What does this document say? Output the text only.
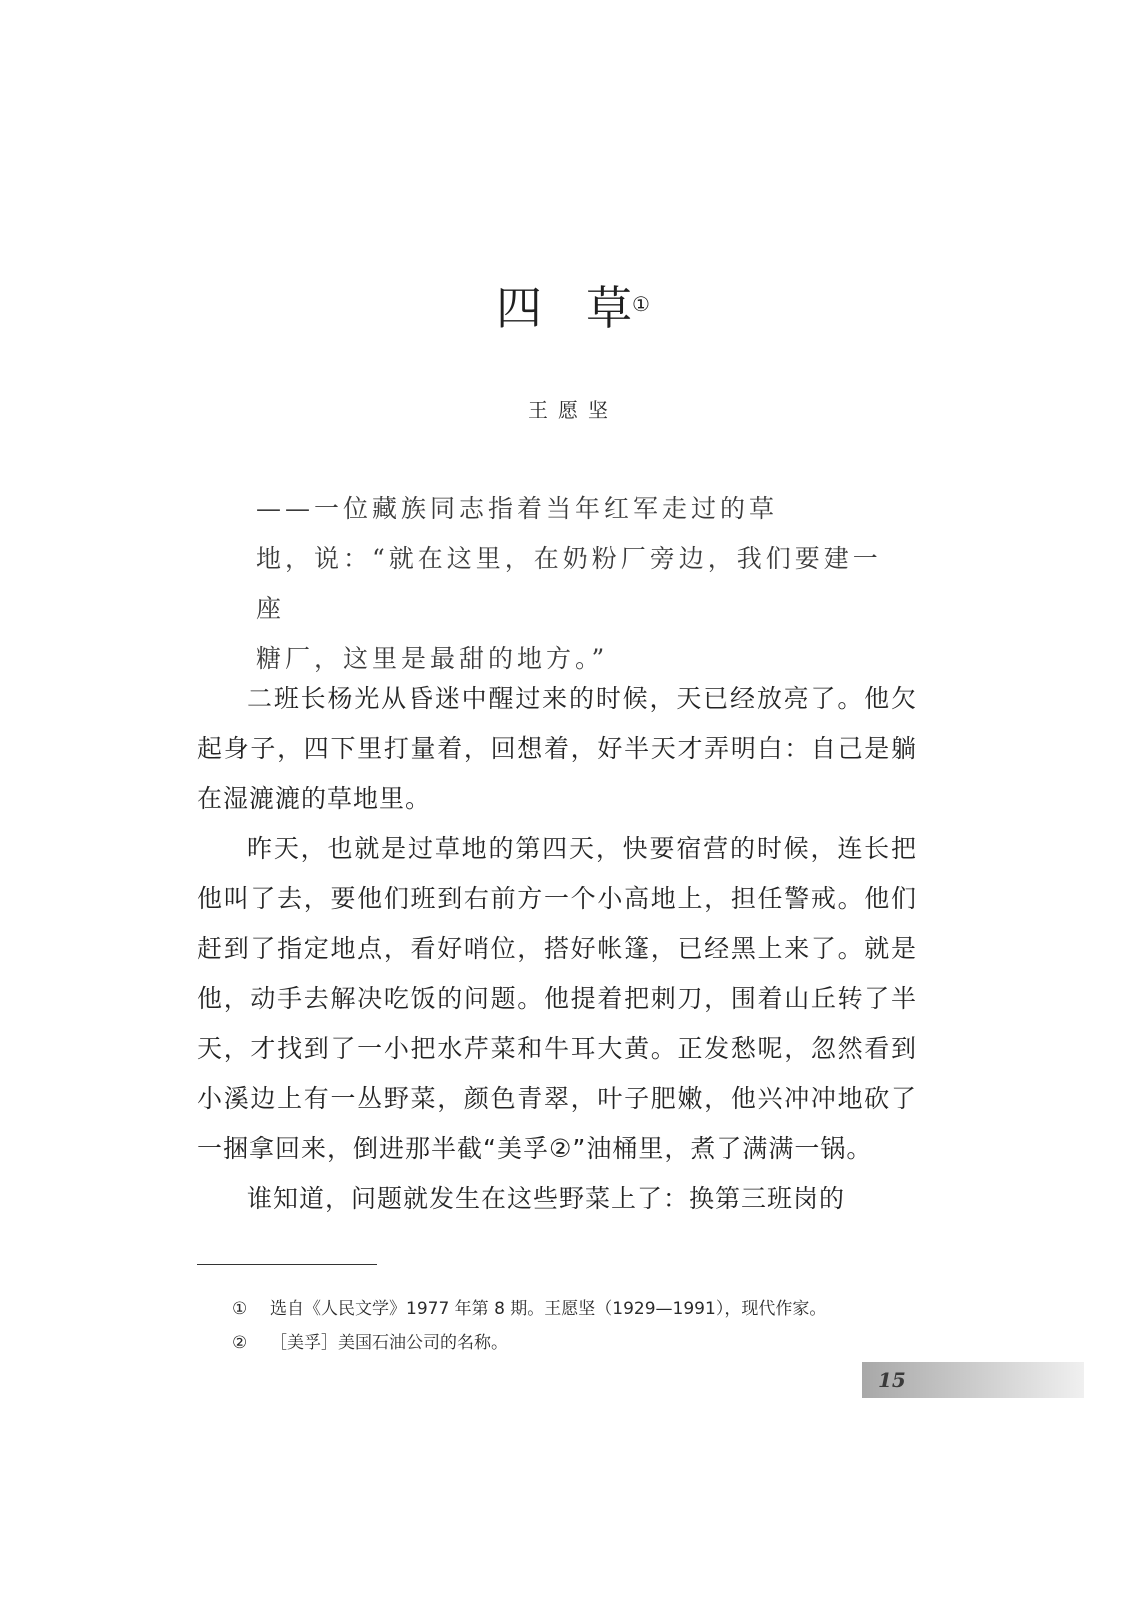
四 草①
王愿坚

——一位藏族同志指着当年红军走过的草

地，说：“就在这里，在奶粉厂旁边，我们要建一座

糖厂，这里是最甜的地方。”

二班长杨光从昏迷中醒过来的时候，天已经放亮了。他欠起身子，四下里打量着，回想着，好半天才弄明白：自己是躺在湿漉漉的草地里。

昨天，也就是过草地的第四天，快要宿营的时候，连长把他叫了去，要他们班到右前方一个小高地上，担任警戒。他们赶到了指定地点，看好哨位，搭好帐篷，已经黑上来了。就是他，动手去解决吃饭的问题。他提着把刺刀，围着山丘转了半天，才找到了一小把水芹菜和牛耳大黄。正发愁呢，忽然看到小溪边上有一丛野菜，颜色青翠，叶子肥嫩，他兴冲冲地砍了一捆拿回来，倒进那半截“美孚②”油桶里，煮了满满一锅。

谁知道，问题就发生在这些野菜上了：换第三班岗的

①	选自《人民文学》1977 年第 8 期。王愿坚（1929—1991），现代作家。
②	［美孚］美国石油公司的名称。
15
